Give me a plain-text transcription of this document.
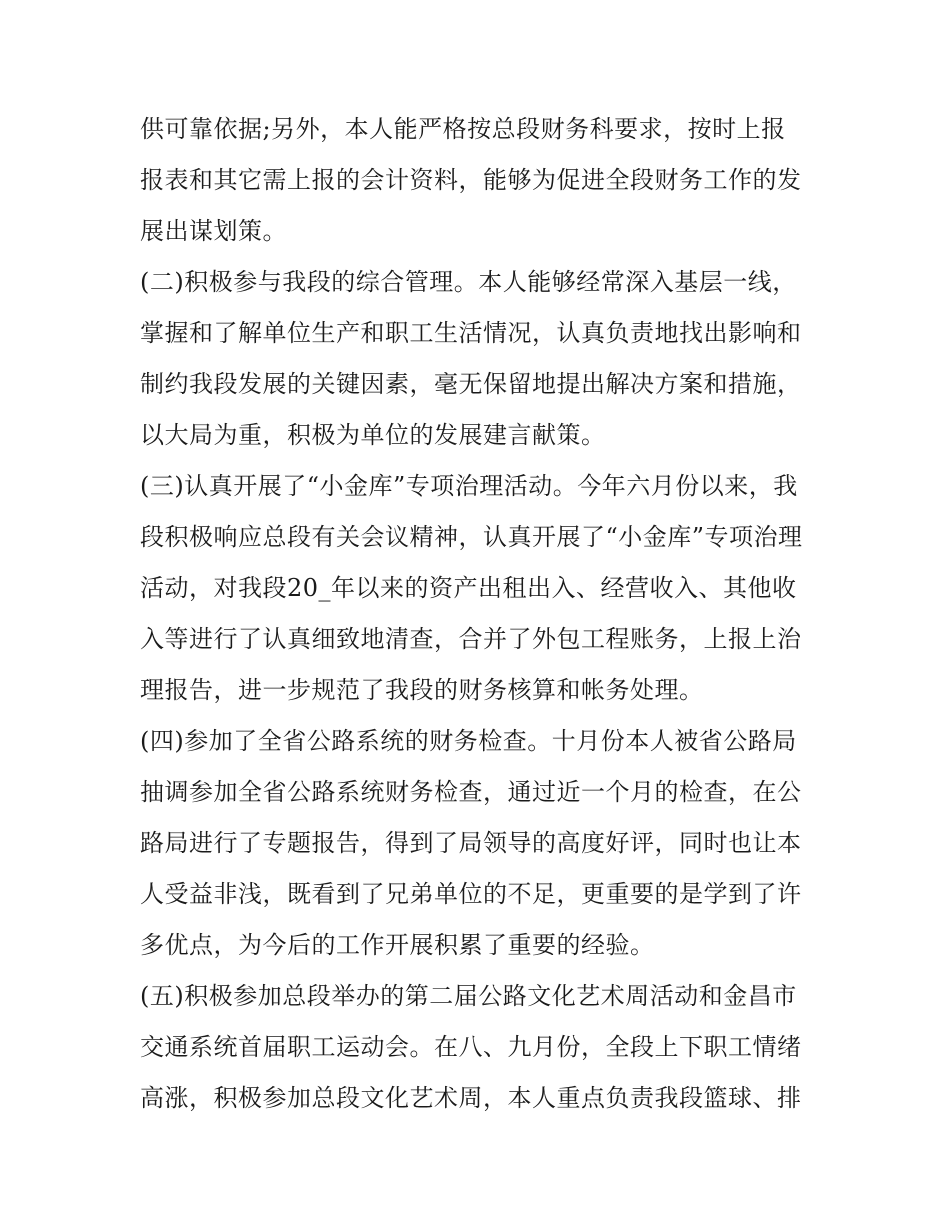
供可靠依据;另外，本人能严格按总段财务科要求，按时上报
报表和其它需上报的会计资料，能够为促进全段财务工作的发
展出谋划策。
(二)积极参与我段的综合管理。本人能够经常深入基层一线，
掌握和了解单位生产和职工生活情况，认真负责地找出影响和
制约我段发展的关键因素，毫无保留地提出解决方案和措施，
以大局为重，积极为单位的发展建言献策。
(三)认真开展了“小金库”专项治理活动。今年六月份以来，我
段积极响应总段有关会议精神，认真开展了“小金库”专项治理
活动，对我段20_年以来的资产出租出入、经营收入、其他收
入等进行了认真细致地清查，合并了外包工程账务，上报上治
理报告，进一步规范了我段的财务核算和帐务处理。
(四)参加了全省公路系统的财务检查。十月份本人被省公路局
抽调参加全省公路系统财务检查，通过近一个月的检查，在公
路局进行了专题报告，得到了局领导的高度好评，同时也让本
人受益非浅，既看到了兄弟单位的不足，更重要的是学到了许
多优点，为今后的工作开展积累了重要的经验。
(五)积极参加总段举办的第二届公路文化艺术周活动和金昌市
交通系统首届职工运动会。在八、九月份，全段上下职工情绪
高涨，积极参加总段文化艺术周，本人重点负责我段篮球、排
